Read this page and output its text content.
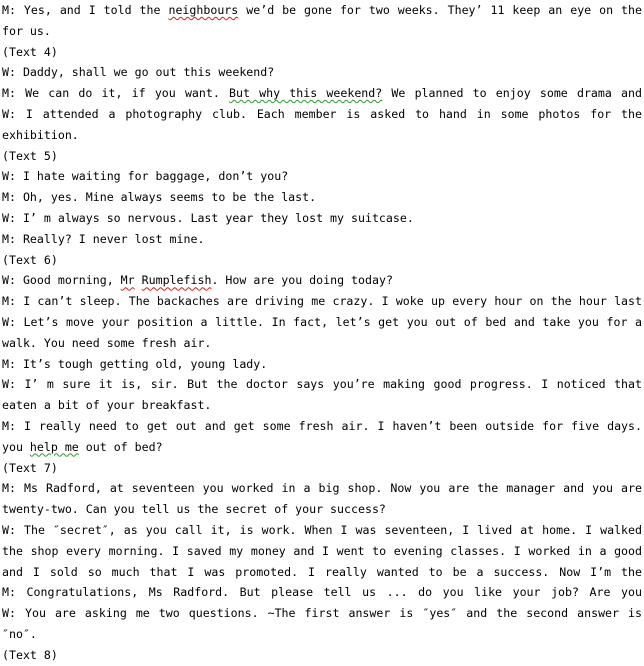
M: Yes, and I told the neighbours we’d be gone for two weeks. They’ 11 keep an eye on the
for us.
(Text 4)
W: Daddy, shall we go out this weekend?
M: We can do it, if you want. But why this weekend? We planned to enjoy some drama and
W: I attended a photography club. Each member is asked to hand in some photos for the
exhibition.
(Text 5)
W: I hate waiting for baggage, don’t you?
M: Oh, yes. Mine always seems to be the last.
W: I’ m always so nervous. Last year they lost my suitcase.
M: Really? I never lost mine.
(Text 6)
W: Good morning, Mr Rumplefish. How are you doing today?
M: I can’t sleep. The backaches are driving me crazy. I woke up every hour on the hour last
W: Let’s move your position a little. In fact, let’s get you out of bed and take you for a
walk. You need some fresh air.
M: It’s tough getting old, young lady.
W: I’ m sure it is, sir. But the doctor says you’re making good progress. I noticed that
eaten a bit of your breakfast.
M: I really need to get out and get some fresh air. I haven’t been outside for five days.
you help me out of bed?
(Text 7)
M: Ms Radford, at seventeen you worked in a big shop. Now you are the manager and you are
twenty-two. Can you tell us the secret of your success?
W: The ″secret″, as you call it, is work. When I was seventeen, I lived at home. I walked
the shop every morning. I saved my money and I went to evening classes. I worked in a good
and I sold so much that I was promoted. I really wanted to be a success. Now I’m the
M: Congratulations, Ms Radford. But please tell us ... do you like your job? Are you
W: You are asking me two questions. ~The first answer is ″yes″ and the second answer is
″no″.
(Text 8)
